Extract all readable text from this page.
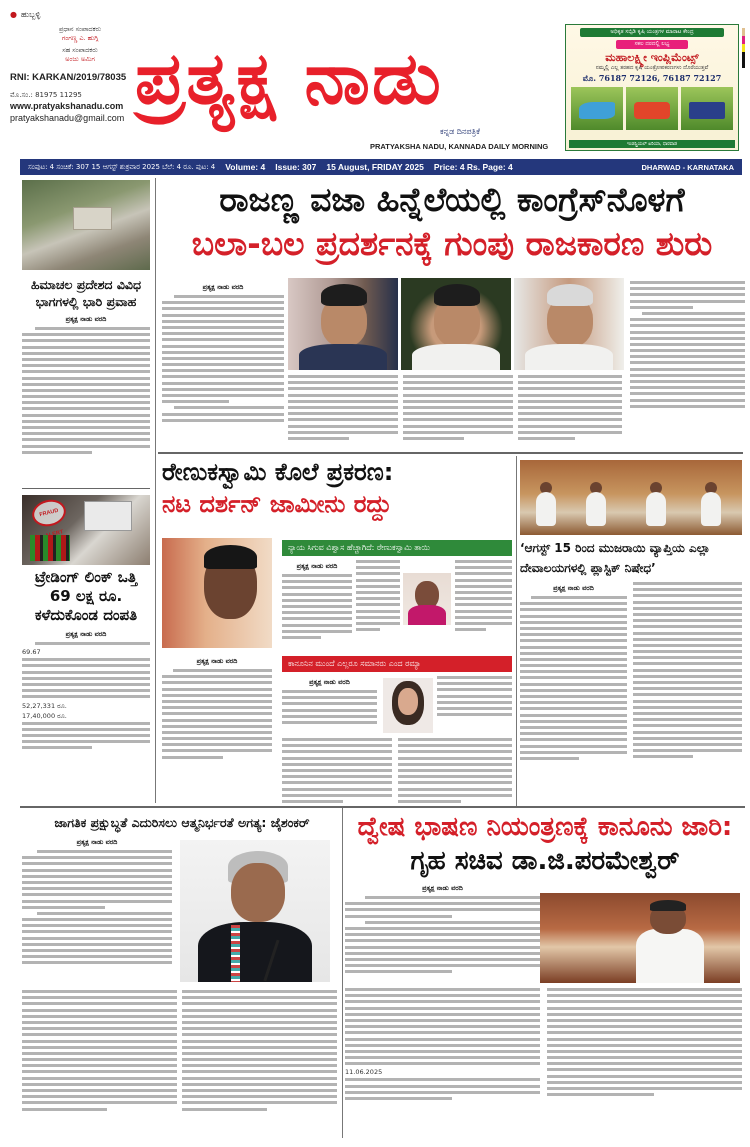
● ಹುಬ್ಬಳ್ಳಿ
ಪ್ರಧಾನ ಸಂಪಾದಕರು
ಗಂಗಣ್ಣ ಎ. ಹುಗ್ಗಿ
ಸಹ ಸಂಪಾದಕರು
ಅಂಜು ಅಮಿಗ
RNI: KARKAN/2019/78035
ಮೊ.ಸಂ.: 81975 11295
www.pratyakshanadu.com
pratyakshanadu@gmail.com ಪ್ರತ್ಯಕ್ಷ ನಾಡು
ಕನ್ನಡ ದಿನಪತ್ರಿಕೆ
PRATYAKSHA NADU, KANNADA DAILY MORNING
ಅಧಿಕೃತ ಸಬ್ಸಿಡಿ ಕೃಷಿ ಯಂತ್ರಗಳ ಮಾರಾಟ ಕೇಂದ್ರ
ಸಕಲ ದರದಲ್ಲಿ ಲಭ್ಯ
ಮಹಾಲಕ್ಷ್ಮೀ ಇಂಪ್ಲಿಮೆಂಟ್ಸ್
ನಮ್ಮಲ್ಲಿ ಎಲ್ಲ ತರಹದ ಕೃಷಿ ಯಂತ್ರೋಪಕರಣಗಳು ದೊರೆಯುತ್ತವೆ
ಮೊ. 76187 72126, 76187 72127
ಇಂಡಸ್ಟ್ರಿಯಲ್ ಏರಿಯಾ, ಧಾರವಾಡ
ಸಂಪುಟ: 4 ಸಂಚಿಕೆ: 307 15 ಆಗಸ್ಟ್ ಶುಕ್ರವಾರ 2025 ಬೆಲೆ: 4 ರೂ. ಪುಟ: 4 Volume: 4 Issue: 307 15 August, FRIDAY 2025 Price: 4 Rs. Page: 4	DHARWAD - KARNATAKA
ಹಿಮಾಚಲ ಪ್ರದೇಶದ ವಿವಿಧ ಭಾಗಗಳಲ್ಲಿ ಭಾರಿ ಪ್ರವಾಹ
ಪ್ರತ್ಯಕ್ಷ ನಾಡು ವರದಿ
FRAUD
ಟ್ರೇಡಿಂಗ್ ಲಿಂಕ್ ಒತ್ತಿ 69 ಲಕ್ಷ ರೂ. ಕಳೆದುಕೊಂಡ ದಂಪತಿ
ಪ್ರತ್ಯಕ್ಷ ನಾಡು ವರದಿ
69.67
52,27,331 ರೂ.
17,40,000 ರೂ.
ರಾಜಣ್ಣ ವಜಾ ಹಿನ್ನೆಲೆಯಲ್ಲಿ ಕಾಂಗ್ರೆಸ್‌ನೊಳಗೆ
ಬಲಾ-ಬಲ ಪ್ರದರ್ಶನಕ್ಕೆ ಗುಂಪು ರಾಜಕಾರಣ ಶುರು
ಪ್ರತ್ಯಕ್ಷ ನಾಡು ವರದಿ
ರೇಣುಕಸ್ವಾಮಿ ಕೊಲೆ ಪ್ರಕರಣ:
ನಟ ದರ್ಶನ್ ಜಾಮೀನು ರದ್ದು
ಪ್ರತ್ಯಕ್ಷ ನಾಡು ವರದಿ
ನ್ಯಾಯ ಸಿಗುವ ವಿಶ್ವಾಸ ಹೆಚ್ಚಾಗಿದೆ: ರೇಣುಕಸ್ವಾಮಿ ತಾಯಿ
ಪ್ರತ್ಯಕ್ಷ ನಾಡು ವರದಿ
ಕಾನೂನಿನ ಮುಂದೆ ಎಲ್ಲರೂ ಸಮಾನರು ಎಂದ ರಮ್ಯಾ
ಪ್ರತ್ಯಕ್ಷ ನಾಡು ವರದಿ
‘ಆಗಸ್ಟ್ 15 ರಿಂದ ಮುಜರಾಯಿ ವ್ಯಾಪ್ತಿಯ ಎಲ್ಲಾ ದೇವಾಲಯಗಳಲ್ಲಿ ಪ್ಲಾಸ್ಟಿಕ್ ನಿಷೇಧ’
ಪ್ರತ್ಯಕ್ಷ ನಾಡು ವರದಿ
ಜಾಗತಿಕ ಪ್ರಕ್ಷುಬ್ಧತೆ ಎದುರಿಸಲು ಆತ್ಮನಿರ್ಭರತೆ ಅಗತ್ಯ: ಜೈಶಂಕರ್
ಪ್ರತ್ಯಕ್ಷ ನಾಡು ವರದಿ	ದ್ವೇಷ ಭಾಷಣ ನಿಯಂತ್ರಣಕ್ಕೆ ಕಾನೂನು ಜಾರಿ:
ಗೃಹ ಸಚಿವ ಡಾ.ಜಿ.ಪರಮೇಶ್ವರ್
ಪ್ರತ್ಯಕ್ಷ ನಾಡು ವರದಿ
11.06.2025
